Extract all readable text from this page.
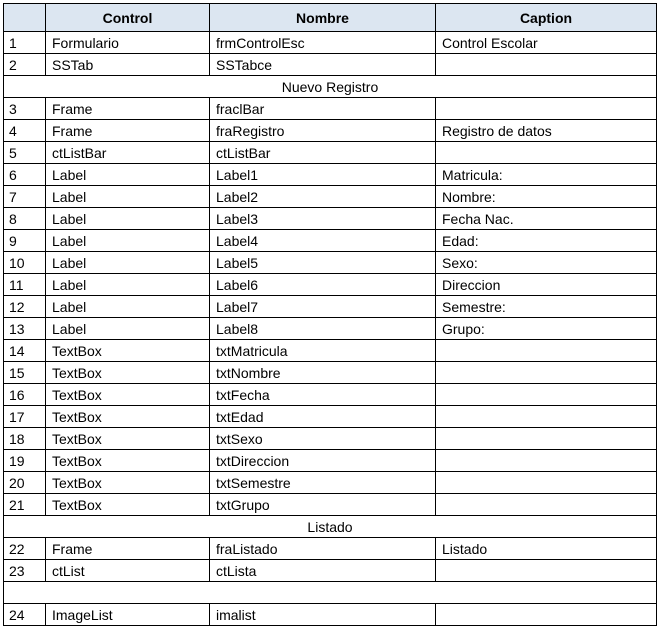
	Control	Nombre	Caption
1	Formulario	frmControlEsc	Control Escolar
2	SSTab	SSTabce	
Nuevo Registro			
3	Frame	fraclBar	
4	Frame	fraRegistro	Registro de datos
5	ctListBar	ctListBar	
6	Label	Label1	Matricula:
7	Label	Label2	Nombre:
8	Label	Label3	Fecha Nac.
9	Label	Label4	Edad:
10	Label	Label5	Sexo:
11	Label	Label6	Direccion
12	Label	Label7	Semestre:
13	Label	Label8	Grupo:
14	TextBox	txtMatricula	
15	TextBox	txtNombre	
16	TextBox	txtFecha	
17	TextBox	txtEdad	
18	TextBox	txtSexo	
19	TextBox	txtDireccion	
20	TextBox	txtSemestre	
21	TextBox	txtGrupo	
Listado			
22	Frame	fraListado	Listado
23	ctList	ctLista	

24	ImageList	imalist	
